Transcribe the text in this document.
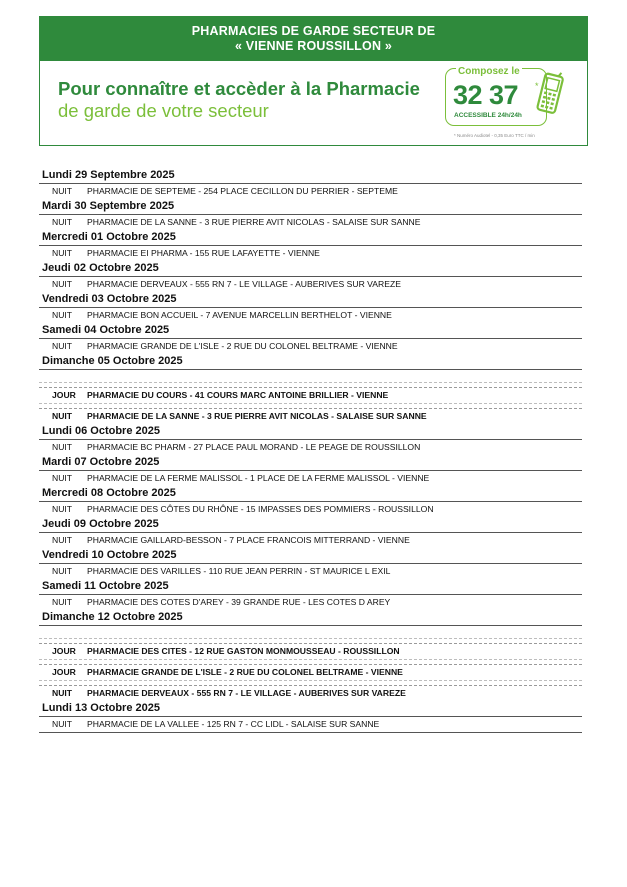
PHARMACIES DE GARDE SECTEUR DE
« VIENNE ROUSSILLON »
Pour connaître et accèder à la Pharmacie
de garde de votre secteur
Composez le
32 37 *
ACCESSIBLE 24h/24h
* Numéro Audiotel - 0,35 Euro TTC / min
Lundi 29 Septembre 2025
NUIT PHARMACIE DE SEPTEME - 254 PLACE CECILLON DU PERRIER - SEPTEME
Mardi 30 Septembre 2025
NUIT PHARMACIE DE LA SANNE - 3 RUE PIERRE AVIT NICOLAS - SALAISE SUR SANNE
Mercredi 01 Octobre 2025
NUIT PHARMACIE EI PHARMA - 155 RUE LAFAYETTE - VIENNE
Jeudi 02 Octobre 2025
NUIT PHARMACIE DERVEAUX - 555 RN 7 - LE VILLAGE - AUBERIVES SUR VAREZE
Vendredi 03 Octobre 2025
NUIT PHARMACIE BON ACCUEIL - 7 AVENUE MARCELLIN BERTHELOT - VIENNE
Samedi 04 Octobre 2025
NUIT PHARMACIE GRANDE DE L'ISLE - 2 RUE DU COLONEL BELTRAME - VIENNE
Dimanche 05 Octobre 2025
JOUR PHARMACIE DU COURS - 41 COURS MARC ANTOINE BRILLIER - VIENNE
NUIT PHARMACIE DE LA SANNE - 3 RUE PIERRE AVIT NICOLAS - SALAISE SUR SANNE
Lundi 06 Octobre 2025
NUIT PHARMACIE BC PHARM - 27 PLACE PAUL MORAND - LE PEAGE DE ROUSSILLON
Mardi 07 Octobre 2025
NUIT PHARMACIE DE LA FERME MALISSOL - 1 PLACE DE LA FERME MALISSOL - VIENNE
Mercredi 08 Octobre 2025
NUIT PHARMACIE DES CÔTES DU RHÔNE - 15 IMPASSES DES POMMIERS - ROUSSILLON
Jeudi 09 Octobre 2025
NUIT PHARMACIE GAILLARD-BESSON - 7 PLACE FRANCOIS MITTERRAND - VIENNE
Vendredi 10 Octobre 2025
NUIT PHARMACIE DES VARILLES - 110 RUE JEAN PERRIN - ST MAURICE L EXIL
Samedi 11 Octobre 2025
NUIT PHARMACIE DES COTES D'AREY - 39 GRANDE RUE - LES COTES D AREY
Dimanche 12 Octobre 2025
JOUR PHARMACIE DES CITES - 12 RUE GASTON MONMOUSSEAU - ROUSSILLON
JOUR PHARMACIE GRANDE DE L'ISLE - 2 RUE DU COLONEL BELTRAME - VIENNE
NUIT PHARMACIE DERVEAUX - 555 RN 7 - LE VILLAGE - AUBERIVES SUR VAREZE
Lundi 13 Octobre 2025
NUIT PHARMACIE DE LA VALLEE - 125 RN 7 - CC LIDL - SALAISE SUR SANNE
